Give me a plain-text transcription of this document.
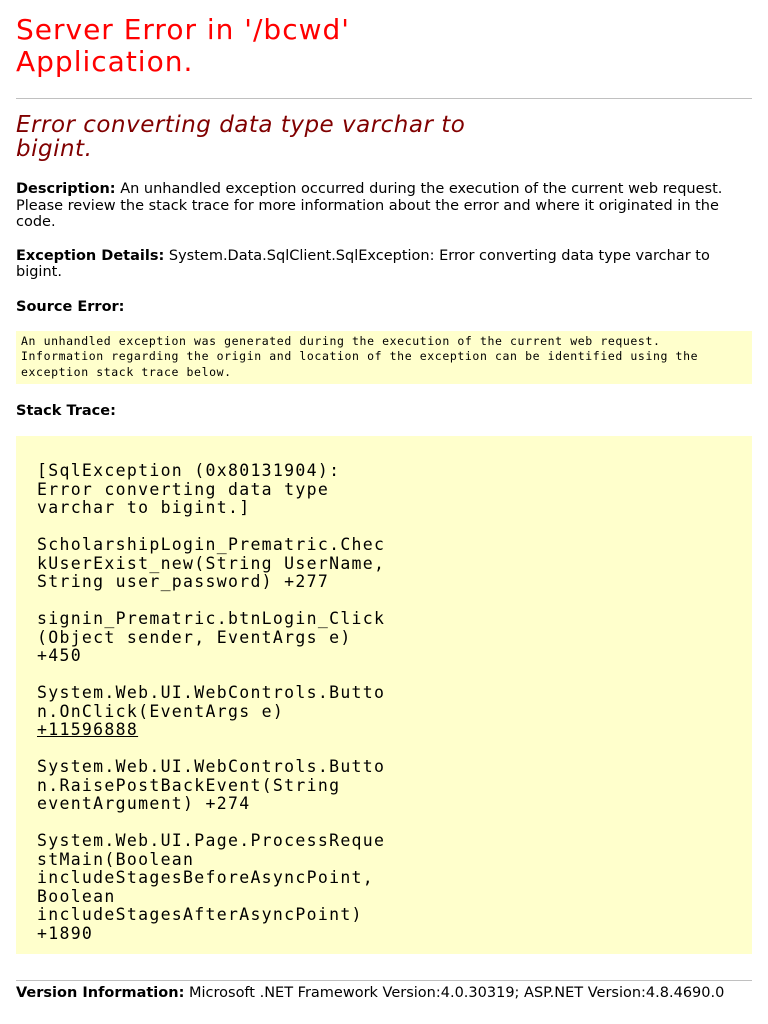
Server Error in '/bcwd'
Application.
Error converting data type varchar to
bigint.

Description: An unhandled exception occurred during the execution of the current web request. Please review the stack trace for more information about the error and where it originated in the code.

Exception Details: System.Data.SqlClient.SqlException: Error converting data type varchar to bigint.

Source Error:

An unhandled exception was generated during the execution of the current web request. Information regarding the origin and location of the exception can be identified using the exception stack trace below.

Stack Trace:

[SqlException (0x80131904):
Error converting data type
varchar to bigint.]
ScholarshipLogin_Prematric.Chec
kUserExist_new(String UserName,
String user_password) +277
signin_Prematric.btnLogin_Click
(Object sender, EventArgs e)
+450
System.Web.UI.WebControls.Butto
n.OnClick(EventArgs e)
+11596888
System.Web.UI.WebControls.Butto
n.RaisePostBackEvent(String
eventArgument) +274
System.Web.UI.Page.ProcessReque
stMain(Boolean
includeStagesBeforeAsyncPoint,
Boolean
includeStagesAfterAsyncPoint)
+1890

Version Information: Microsoft .NET Framework Version:4.0.30319; ASP.NET Version:4.8.4690.0
